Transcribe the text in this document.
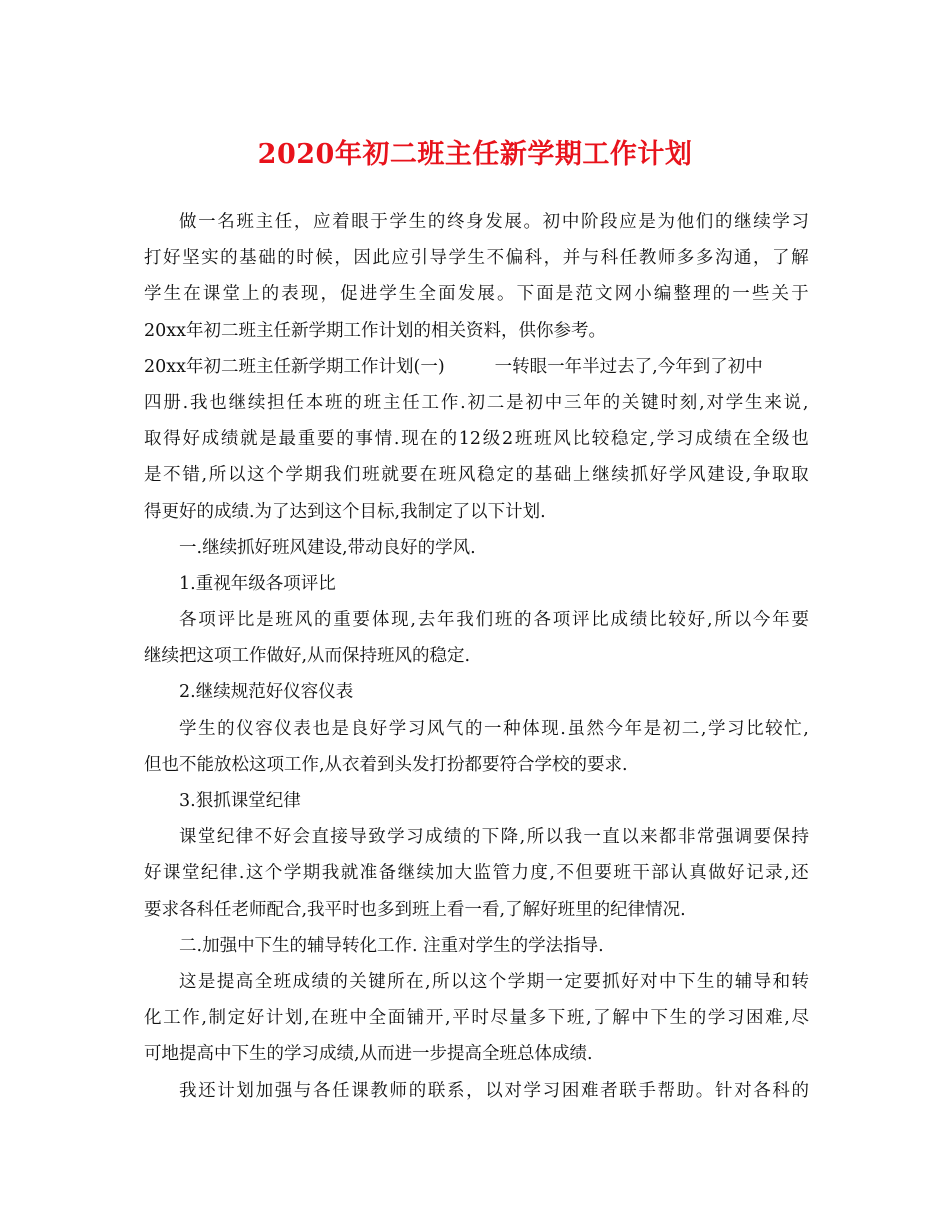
2020年初二班主任新学期工作计划
做 一 名 班 主 任 ， 应 着 眼 于 学 生 的 终 身 发 展 。 初 中 阶 段 应 是 为 他 们 的 继 续 学 习
打 好 坚 实 的 基 础 的 时 候 ， 因 此 应 引 导 学 生 不 偏 科 ， 并 与 科 任 教 师 多 多 沟 通 ， 了 解
学 生 在 课 堂 上 的 表 现 ， 促 进 学 生 全 面 发 展 。 下 面 是 范 文 网 小 编 整 理 的 一 些 关 于
20xx年初二班主任新学期工作计划的相关资料，供你参考。
20xx年初二班主任新学期工作计划(一)	一转眼一年半过去了,今年到了初中
四 册 . 我 也 继 续 担 任 本 班 的 班 主 任 工 作 . 初 二 是 初 中 三 年 的 关 键 时 刻 , 对 学 生 来 说 ,
取 得 好 成 绩 就 是 最 重 要 的 事 情 . 现 在 的 12 级 2 班 班 风 比 较 稳 定 , 学 习 成 绩 在 全 级 也
是 不 错 , 所 以 这 个 学 期 我 们 班 就 要 在 班 风 稳 定 的 基 础 上 继 续 抓 好 学 风 建 设 , 争 取 取
得更好的成绩.为了达到这个目标,我制定了以下计划.
一.继续抓好班风建设,带动良好的学风.
1.重视年级各项评比
各 项 评 比 是 班 风 的 重 要 体 现 , 去 年 我 们 班 的 各 项 评 比 成 绩 比 较 好 , 所 以 今 年 要
继续把这项工作做好,从而保持班风的稳定.
2.继续规范好仪容仪表
学 生 的 仪 容 仪 表 也 是 良 好 学 习 风 气 的 一 种 体 现 . 虽 然 今 年 是 初 二 , 学 习 比 较 忙 ,
但也不能放松这项工作,从衣着到头发打扮都要符合学校的要求.
3.狠抓课堂纪律
课 堂 纪 律 不 好 会 直 接 导 致 学 习 成 绩 的 下 降 , 所 以 我 一 直 以 来 都 非 常 强 调 要 保 持
好 课 堂 纪 律 . 这 个 学 期 我 就 准 备 继 续 加 大 监 管 力 度 , 不 但 要 班 干 部 认 真 做 好 记 录 , 还
要求各科任老师配合,我平时也多到班上看一看,了解好班里的纪律情况.
二.加强中下生的辅导转化工作. 注重对学生的学法指导.
这 是 提 高 全 班 成 绩 的 关 键 所 在 , 所 以 这 个 学 期 一 定 要 抓 好 对 中 下 生 的 辅 导 和 转
化 工 作 , 制 定 好 计 划 , 在 班 中 全 面 铺 开 , 平 时 尽 量 多 下 班 , 了 解 中 下 生 的 学 习 困 难 , 尽
可地提高中下生的学习成绩,从而进一步提高全班总体成绩.
我 还 计 划 加 强 与 各 任 课 教 师 的 联 系 ， 以 对 学 习 困 难 者 联 手 帮 助 。 针 对 各 科 的
